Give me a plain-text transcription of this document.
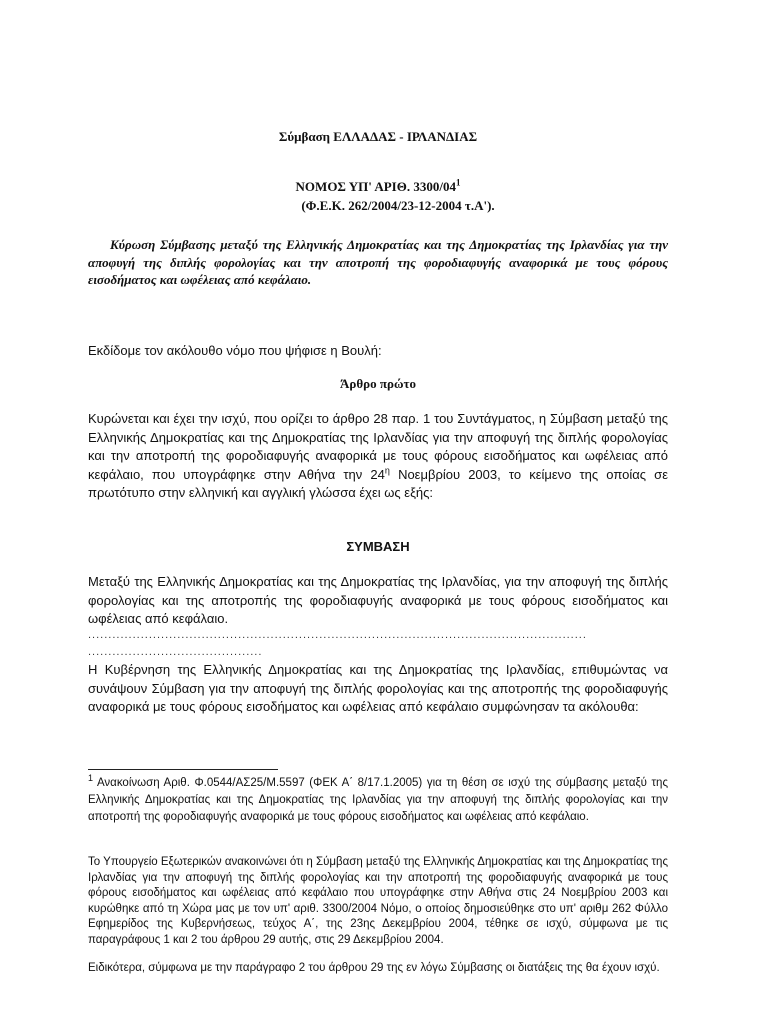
Σύμβαση ΕΛΛΑΔΑΣ - ΙΡΛΑΝΔΙΑΣ
ΝΟΜΟΣ ΥΠ' ΑΡΙΘ. $3300/04^1$
(Φ.Ε.Κ. 262/2004/23-12-2004 τ.Α').
Κύρωση Σύμβασης μεταξύ της Ελληνικής Δημοκρατίας και της Δημοκρατίας της Ιρλανδίας για την αποφυγή της διπλής φορολογίας και την αποτροπή της φοροδιαφυγής αναφορικά με τους φόρους εισοδήματος και ωφέλειας από κεφάλαιο.
Εκδίδομε τον ακόλουθο νόμο που ψήφισε η Βουλή:
Άρθρο πρώτο
Κυρώνεται και έχει την ισχύ, που ορίζει το άρθρο 28 παρ. 1 του Συντάγματος, η Σύμβαση μεταξύ της Ελληνικής Δημοκρατίας και της Δημοκρατίας της Ιρλανδίας για την αποφυγή της διπλής φορολογίας και την αποτροπή της φοροδιαφυγής αναφορικά με τους φόρους εισοδήματος και ωφέλειας από κεφάλαιο, που υπογράφηκε στην Αθήνα την $24^\eta$ Νοεμβρίου 2003, το κείμενο της οποίας σε πρωτότυπο στην ελληνική και αγγλική γλώσσα έχει ως εξής:
ΣΥΜΒΑΣΗ
Μεταξύ της Ελληνικής Δημοκρατίας και της Δημοκρατίας της Ιρλανδίας, για την αποφυγή της διπλής φορολογίας και της αποτροπής της φοροδιαφυγής αναφορικά με τους φόρους εισοδήματος και ωφέλειας από κεφάλαιο.
...........................................................................................................................
...........................................
Η Κυβέρνηση της Ελληνικής Δημοκρατίας και της Δημοκρατίας της Ιρλανδίας, επιθυμώντας να συνάψουν Σύμβαση για την αποφυγή της διπλής φορολογίας και της αποτροπής της φοροδιαφυγής αναφορικά με τους φόρους εισοδήματος και ωφέλειας από κεφάλαιο συμφώνησαν τα ακόλουθα:
$^1$ Ανακοίνωση Αριθ. Φ.0544/ΑΣ25/Μ.5597 (ΦΕΚ Α΄ 8/17.1.2005) για τη θέση σε ισχύ της σύμβασης μεταξύ της Ελληνικής Δημοκρατίας και της Δημοκρατίας της Ιρλανδίας για την αποφυγή της διπλής φορολογίας και την αποτροπή της φοροδιαφυγής αναφορικά με τους φόρους εισοδήματος και ωφέλειας από κεφάλαιο.
Το Υπουργείο Εξωτερικών ανακοινώνει ότι η Σύμβαση μεταξύ της Ελληνικής Δημοκρατίας και της Δημοκρατίας της Ιρλανδίας για την αποφυγή της διπλής φορολογίας και την αποτροπή της φοροδιαφυγής αναφορικά με τους φόρους εισοδήματος και ωφέλειας από κεφάλαιο που υπογράφηκε στην Αθήνα στις 24 Νοεμβρίου 2003 και κυρώθηκε από τη Χώρα μας με τον υπ' αριθ. 3300/2004 Νόμο, ο οποίος δημοσιεύθηκε στο υπ' αριθμ 262 Φύλλο Εφημερίδος της Κυβερνήσεως, τεύχος Α΄, της 23ης Δεκεμβρίου 2004, τέθηκε σε ισχύ, σύμφωνα με τις παραγράφους 1 και 2 του άρθρου 29 αυτής, στις 29 Δεκεμβρίου 2004.
Ειδικότερα, σύμφωνα με την παράγραφο 2 του άρθρου 29 της εν λόγω Σύμβασης οι διατάξεις της θα έχουν ισχύ.
